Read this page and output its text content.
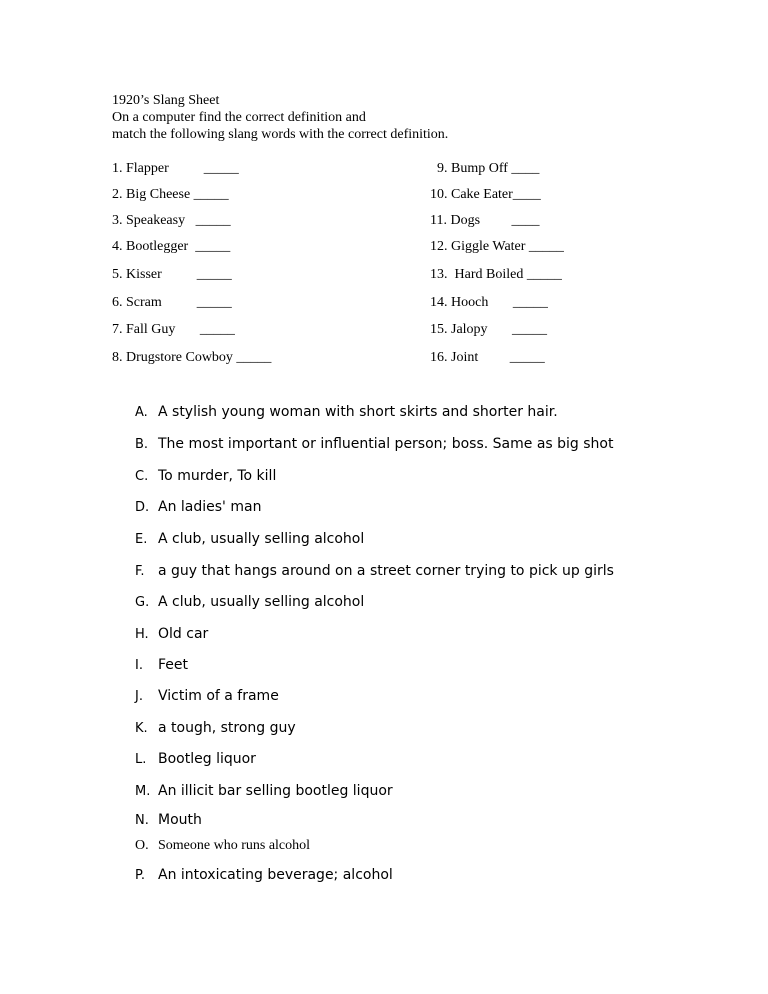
1920’s Slang Sheet
On a computer find the correct definition and
match the following slang words with the correct definition.
1. Flapper          _____
2. Big Cheese _____
3. Speakeasy   _____
4. Bootlegger  _____
5. Kisser          _____
6. Scram          _____
7. Fall Guy       _____
8. Drugstore Cowboy _____
9. Bump Off ____
10. Cake Eater____
11. Dogs         ____
12. Giggle Water _____
13.  Hard Boiled _____
14. Hooch       _____
15. Jalopy       _____
16. Joint         _____
A. A stylish young woman with short skirts and shorter hair.
B. The most important or influential person; boss. Same as big shot
C. To murder, To kill
D. An ladies' man
E. A club, usually selling alcohol
F. a guy that hangs around on a street corner trying to pick up girls
G. A club, usually selling alcohol
H. Old car
I. Feet
J. Victim of a frame
K. a tough, strong guy
L. Bootleg liquor
M. An illicit bar selling bootleg liquor
N. Mouth
O. Someone who runs alcohol
P. An intoxicating beverage; alcohol
